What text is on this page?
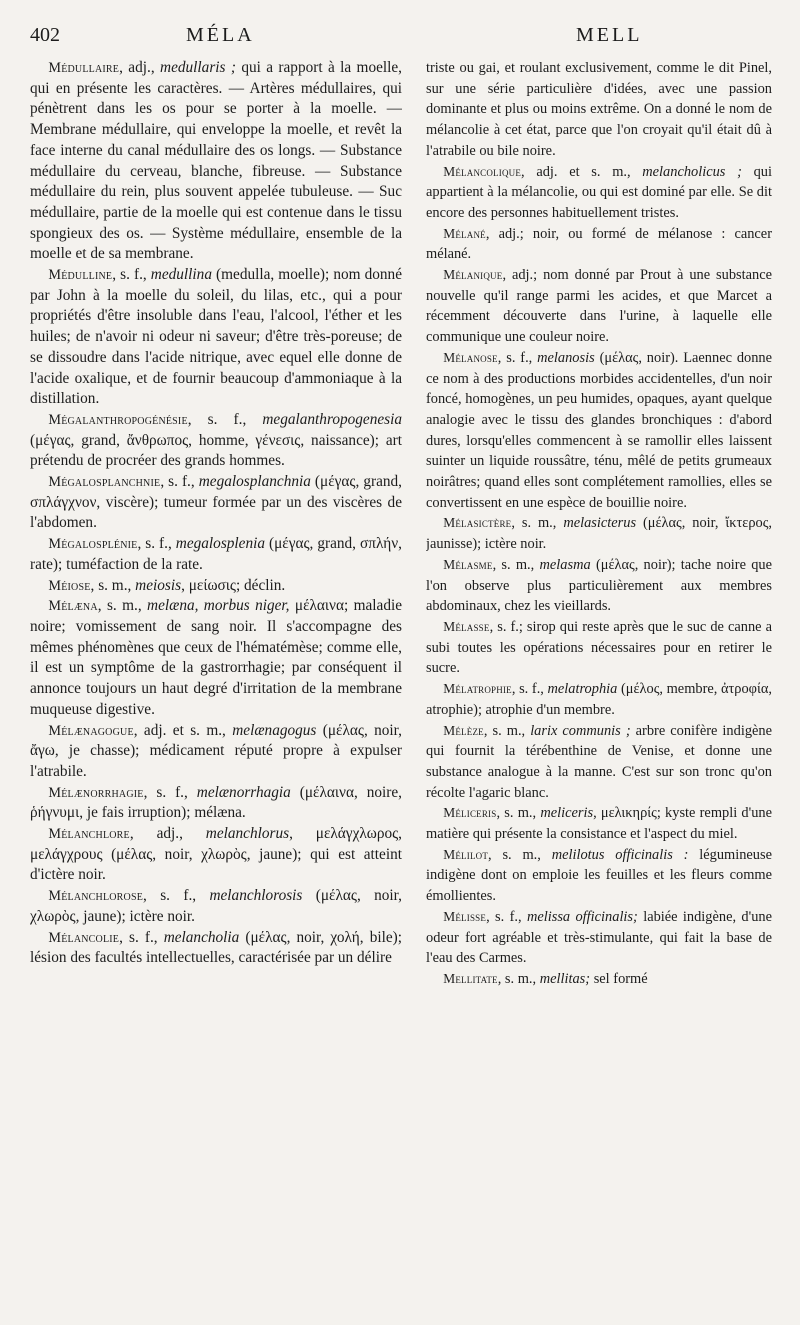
402	MÉLA	MELL

Médullaire, adj., medullaris ; qui a rapport à la moelle, qui en présente les caractères. — Artères médullaires, qui pénètrent dans les os pour se porter à la moelle. — Membrane médullaire, qui enveloppe la moelle, et revêt la face interne du canal médullaire des os longs. — Substance médullaire du cerveau, blanche, fibreuse. — Substance médullaire du rein, plus souvent appelée tubuleuse. — Suc médullaire, partie de la moelle qui est contenue dans le tissu spongieux des os. — Système médullaire, ensemble de la moelle et de sa membrane.

Médulline, s. f., medullina (medulla, moelle); nom donné par John à la moelle du soleil, du lilas, etc., qui a pour propriétés d'être insoluble dans l'eau, l'alcool, l'éther et les huiles; de n'avoir ni odeur ni saveur; d'être très-poreuse; de se dissoudre dans l'acide nitrique, avec equel elle donne de l'acide oxalique, et de fournir beaucoup d'ammoniaque à la distillation.

Mégalanthropogénésie, s. f., megalanthropogenesia (μέγας, grand, ἄνθρωπος, homme, γένεσις, naissance); art prétendu de procréer des grands hommes.

Mégalosplanchnie, s. f., megalosplanchnia (μέγας, grand, σπλάγχνον, viscère); tumeur formée par un des viscères de l'abdomen.

Mégalosplénie, s. f., megalosplenia (μέγας, grand, σπλήν, rate); tuméfaction de la rate.

Méiose, s. m., meiosis, μείωσις; déclin.

Mélæna, s. m., melæna, morbus niger, μέλαινα; maladie noire; vomissement de sang noir. Il s'accompagne des mêmes phénomènes que ceux de l'hématémèse; comme elle, il est un symptôme de la gastrorrhagie; par conséquent il annonce toujours un haut degré d'irritation de la membrane muqueuse digestive.

Mélænagogue, adj. et s. m., melænagogus (μέλας, noir, ἄγω, je chasse); médicament réputé propre à expulser l'atrabile.

Mélænorrhagie, s. f., melænorrhagia (μέλαινα, noire, ῥήγνυμι, je fais irruption); mélæna.

Mélanchlore, adj., melanchlorus, μελάγχλωρος, μελάγχρους (μέλας, noir, χλωρὸς, jaune); qui est atteint d'ictère noir.

Mélanchlorose, s. f., melanchlorosis (μέλας, noir, χλωρὸς, jaune); ictère noir.

Mélancolie, s. f., melancholia (μέλας, noir, χολή, bile); lésion des facultés intellectuelles, caractérisée par un délire

triste ou gai, et roulant exclusivement, comme le dit Pinel, sur une série particulière d'idées, avec une passion dominante et plus ou moins extrême. On a donné le nom de mélancolie à cet état, parce que l'on croyait qu'il était dû à l'atrabile ou bile noire.

Mélancolique, adj. et s. m., melancholicus ; qui appartient à la mélancolie, ou qui est dominé par elle. Se dit encore des personnes habituellement tristes.

Mélané, adj.; noir, ou formé de mélanose : cancer mélané.

Mélanique, adj.; nom donné par Prout à une substance nouvelle qu'il range parmi les acides, et que Marcet a récemment découverte dans l'urine, à laquelle elle communique une couleur noire.

Mélanose, s. f., melanosis (μέλας, noir). Laennec donne ce nom à des productions morbides accidentelles, d'un noir foncé, homogènes, un peu humides, opaques, ayant quelque analogie avec le tissu des glandes bronchiques : d'abord dures, lorsqu'elles commencent à se ramollir elles laissent suinter un liquide roussâtre, ténu, mêlé de petits grumeaux noirâtres; quand elles sont complétement ramollies, elles se convertissent en une espèce de bouillie noire.

Mélasictère, s. m., melasicterus (μέλας, noir, ἴκτερος, jaunisse); ictère noir.

Mélasme, s. m., melasma (μέλας, noir); tache noire que l'on observe plus particulièrement aux membres abdominaux, chez les vieillards.

Mélasse, s. f.; sirop qui reste après que le suc de canne a subi toutes les opérations nécessaires pour en retirer le sucre.

Mélatrophie, s. f., melatrophia (μέλος, membre, ἀτροφία, atrophie); atrophie d'un membre.

Mélèze, s. m., larix communis ; arbre conifère indigène qui fournit la térébenthine de Venise, et donne une substance analogue à la manne. C'est sur son tronc qu'on récolte l'agaric blanc.

Méliceris, s. m., meliceris, μελικηρίς; kyste rempli d'une matière qui présente la consistance et l'aspect du miel.

Mélilot, s. m., melilotus officinalis : légumineuse indigène dont on emploie les feuilles et les fleurs comme émollientes.

Mélisse, s. f., melissa officinalis; labiée indigène, d'une odeur fort agréable et très-stimulante, qui fait la base de l'eau des Carmes.

Mellitate, s. m., mellitas; sel formé
